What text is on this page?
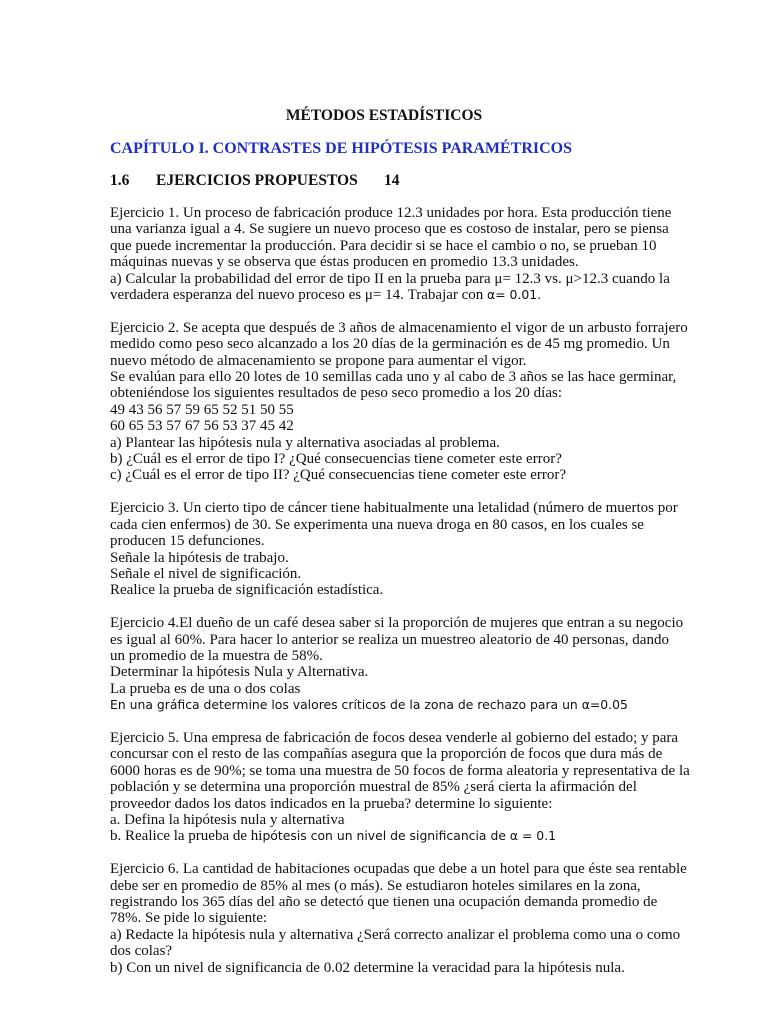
MÉTODOS ESTADÍSTICOS
CAPÍTULO I. CONTRASTES DE HIPÓTESIS PARAMÉTRICOS
1.6 EJERCICIOS PROPUESTOS 14
Ejercicio 1. Un proceso de fabricación produce 12.3 unidades por hora. Esta producción tiene
una varianza igual a 4. Se sugiere un nuevo proceso que es costoso de instalar, pero se piensa
que puede incrementar la producción. Para decidir si se hace el cambio o no, se prueban 10
máquinas nuevas y se observa que éstas producen en promedio 13.3 unidades.
a) Calcular la probabilidad del error de tipo II en la prueba para μ= 12.3 vs. μ>12.3 cuando la
verdadera esperanza del nuevo proceso es μ= 14. Trabajar con α= 0.01.
Ejercicio 2. Se acepta que después de 3 años de almacenamiento el vigor de un arbusto forrajero
medido como peso seco alcanzado a los 20 días de la germinación es de 45 mg promedio. Un
nuevo método de almacenamiento se propone para aumentar el vigor.
Se evalúan para ello 20 lotes de 10 semillas cada uno y al cabo de 3 años se las hace germinar,
obteniéndose los siguientes resultados de peso seco promedio a los 20 días:
49 43 56 57 59 65 52 51 50 55
60 65 53 57 67 56 53 37 45 42
a) Plantear las hipótesis nula y alternativa asociadas al problema.
b) ¿Cuál es el error de tipo I? ¿Qué consecuencias tiene cometer este error?
c) ¿Cuál es el error de tipo II? ¿Qué consecuencias tiene cometer este error?
Ejercicio 3. Un cierto tipo de cáncer tiene habitualmente una letalidad (número de muertos por
cada cien enfermos) de 30. Se experimenta una nueva droga en 80 casos, en los cuales se
producen 15 defunciones.
Señale la hipótesis de trabajo.
Señale el nivel de significación.
Realice la prueba de significación estadística.
Ejercicio 4.El dueño de un café desea saber si la proporción de mujeres que entran a su negocio
es igual al 60%. Para hacer lo anterior se realiza un muestreo aleatorio de 40 personas, dando
un promedio de la muestra de 58%.
Determinar la hipótesis Nula y Alternativa.
La prueba es de una o dos colas
En una gráfica determine los valores críticos de la zona de rechazo para un α=0.05
Ejercicio 5. Una empresa de fabricación de focos desea venderle al gobierno del estado; y para
concursar con el resto de las compañías asegura que la proporción de focos que dura más de
6000 horas es de 90%; se toma una muestra de 50 focos de forma aleatoria y representativa de la
población y se determina una proporción muestral de 85% ¿será cierta la afirmación del
proveedor dados los datos indicados en la prueba? determine lo siguiente:
a. Defina la hipótesis nula y alternativa
b. Realice la prueba de hipótesis con un nivel de significancia de α = 0.1
Ejercicio 6. La cantidad de habitaciones ocupadas que debe a un hotel para que éste sea rentable
debe ser en promedio de 85% al mes (o más). Se estudiaron hoteles similares en la zona,
registrando los 365 días del año se detectó que tienen una ocupación demanda promedio de
78%. Se pide lo siguiente:
a) Redacte la hipótesis nula y alternativa ¿Será correcto analizar el problema como una o como
dos colas?
b) Con un nivel de significancia de 0.02 determine la veracidad para la hipótesis nula.
